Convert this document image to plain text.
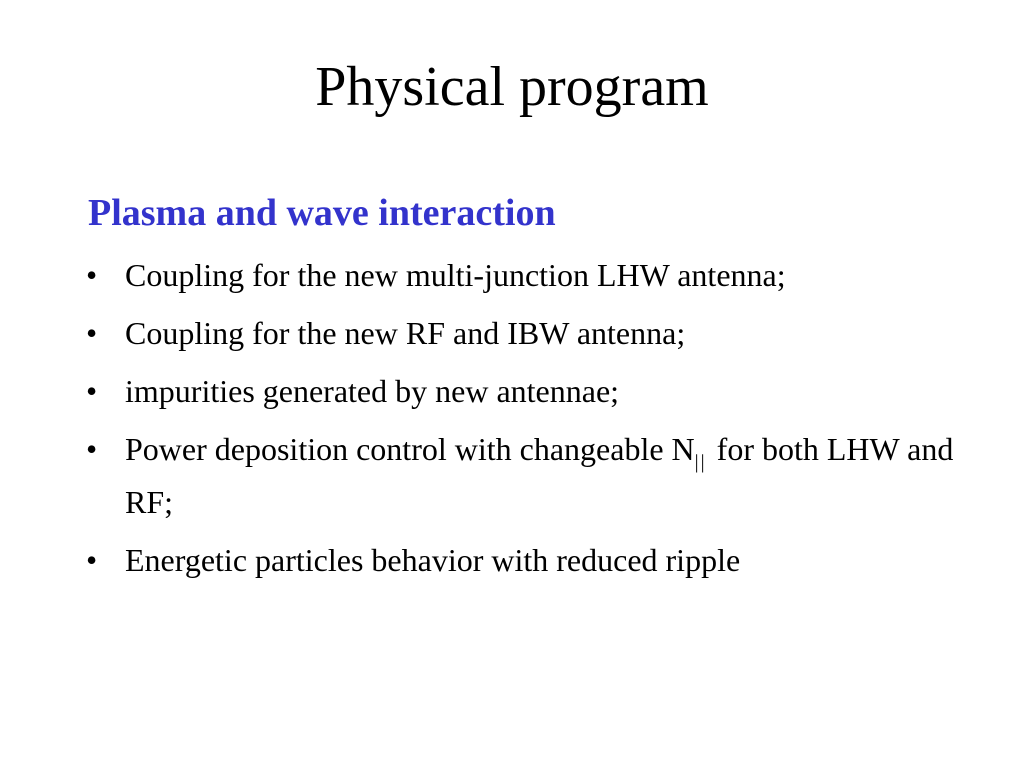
Physical program
Plasma and wave interaction
• Coupling for the new multi-junction LHW antenna;
• Coupling for the new RF and IBW antenna;
• impurities generated by new antennae;
• Power deposition control with changeable $N_{||}$ for both LHW and RF;
• Energetic particles behavior with reduced ripple
